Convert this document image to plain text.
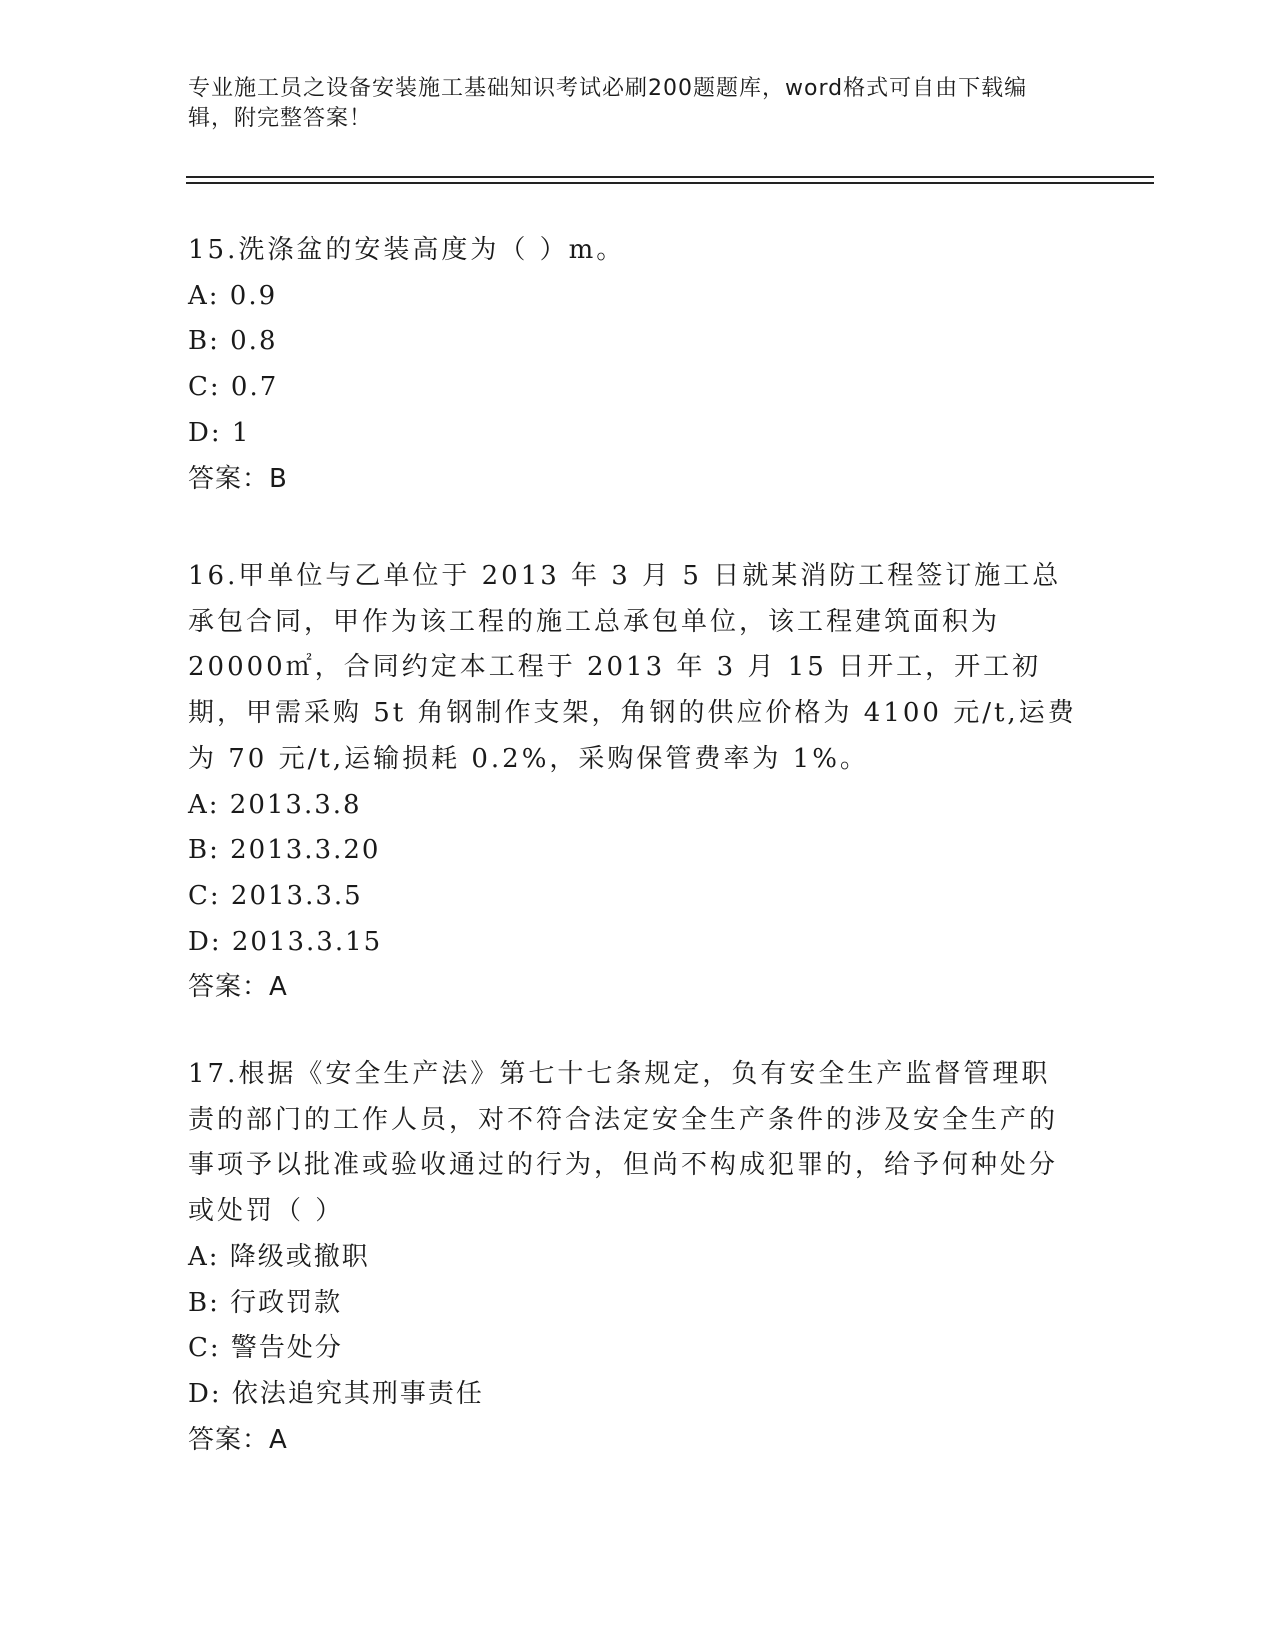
专业施工员之设备安装施工基础知识考试必刷200题题库，word格式可自由下载编辑，附完整答案！

15.洗涤盆的安装高度为（ ）m。

A: 0.9

B: 0.8

C: 0.7

D: 1

答案：B

16.甲单位与乙单位于 2013 年 3 月 5 日就某消防工程签订施工总承包合同，甲作为该工程的施工总承包单位，该工程建筑面积为 20000㎡，合同约定本工程于 2013 年 3 月 15 日开工，开工初期，甲需采购 5t 角钢制作支架，角钢的供应价格为 4100 元/t,运费为 70 元/t,运输损耗 0.2%，采购保管费率为 1%。

A: 2013.3.8

B: 2013.3.20

C: 2013.3.5

D: 2013.3.15

答案：A

17.根据《安全生产法》第七十七条规定，负有安全生产监督管理职责的部门的工作人员，对不符合法定安全生产条件的涉及安全生产的事项予以批准或验收通过的行为，但尚不构成犯罪的，给予何种处分或处罚（ ）

A: 降级或撤职

B: 行政罚款

C: 警告处分

D: 依法追究其刑事责任

答案：A
